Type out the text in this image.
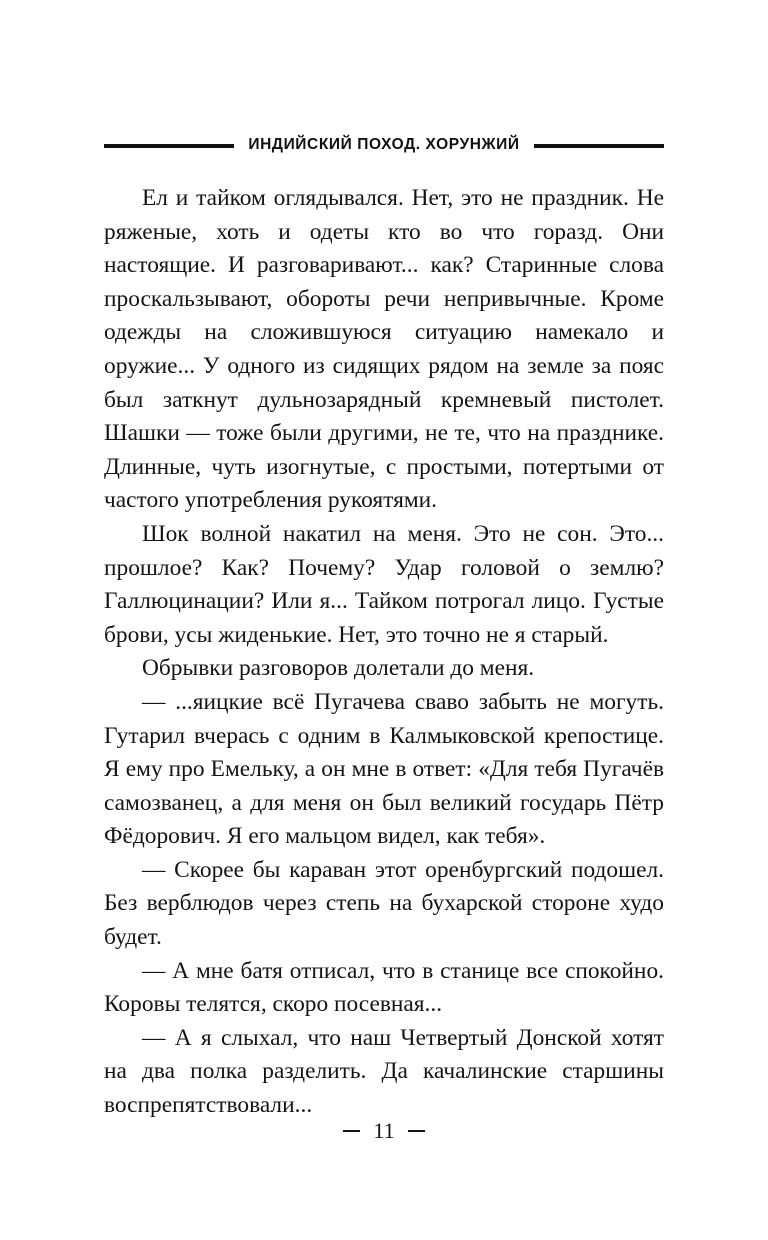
ИНДИЙСКИЙ ПОХОД. ХОРУНЖИЙ

Ел и тайком оглядывался. Нет, это не праздник. Не ряженые, хоть и одеты кто во что горазд. Они настоящие. И разговаривают... как? Старинные слова проскальзывают, обороты речи непривычные. Кроме одежды на сложившуюся ситуацию намекало и оружие... У одного из сидящих рядом на земле за пояс был заткнут дульнозарядный кремневый пистолет. Шашки — тоже были другими, не те, что на празднике. Длинные, чуть изогнутые, с простыми, потертыми от частого употребления рукоятями.

Шок волной накатил на меня. Это не сон. Это... прошлое? Как? Почему? Удар головой о землю? Галлюцинации? Или я... Тайком потрогал лицо. Густые брови, усы жиденькие. Нет, это точно не я старый.

Обрывки разговоров долетали до меня.

— ...яицкие всё Пугачева сваво забыть не могуть. Гутарил вчерась с одним в Калмыковской крепостице. Я ему про Емельку, а он мне в ответ: «Для тебя Пугачёв самозванец, а для меня он был великий государь Пётр Фёдорович. Я его мальцом видел, как тебя».

— Скорее бы караван этот оренбургский подошел. Без верблюдов через степь на бухарской стороне худо будет.

— А мне батя отписал, что в станице все спокойно. Коровы телятся, скоро посевная...

— А я слыхал, что наш Четвертый Донской хотят на два полка разделить. Да качалинские старшины воспрепятствовали...

11
